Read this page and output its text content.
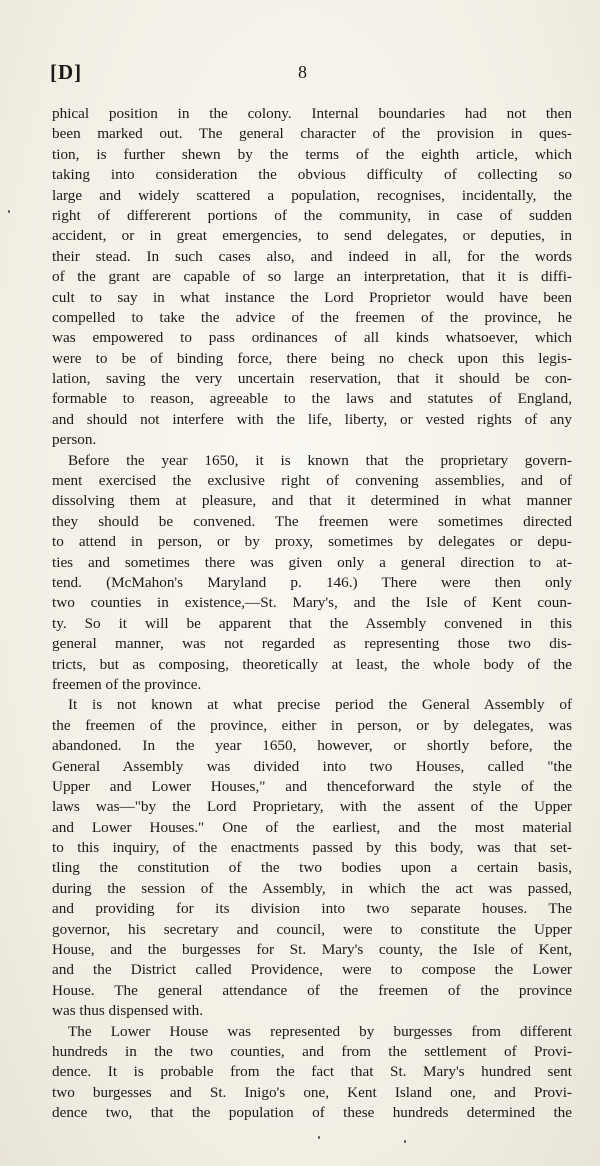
[D]	8
phical position in the colony. Internal boundaries had not then
been marked out. The general character of the provision in ques-
tion, is further shewn by the terms of the eighth article, which
taking into consideration the obvious difficulty of collecting so
large and widely scattered a population, recognises, incidentally, the
right of differerent portions of the community, in case of sudden
accident, or in great emergencies, to send delegates, or deputies, in
their stead. In such cases also, and indeed in all, for the words
of the grant are capable of so large an interpretation, that it is diffi-
cult to say in what instance the Lord Proprietor would have been
compelled to take the advice of the freemen of the province, he
was empowered to pass ordinances of all kinds whatsoever, which
were to be of binding force, there being no check upon this legis-
lation, saving the very uncertain reservation, that it should be con-
formable to reason, agreeable to the laws and statutes of England,
and should not interfere with the life, liberty, or vested rights of any
person.
Before the year 1650, it is known that the proprietary govern-
ment exercised the exclusive right of convening assemblies, and of
dissolving them at pleasure, and that it determined in what manner
they should be convened. The freemen were sometimes directed
to attend in person, or by proxy, sometimes by delegates or depu-
ties and sometimes there was given only a general direction to at-
tend. (McMahon's Maryland p. 146.) There were then only
two counties in existence,—St. Mary's, and the Isle of Kent coun-
ty. So it will be apparent that the Assembly convened in this
general manner, was not regarded as representing those two dis-
tricts, but as composing, theoretically at least, the whole body of the
freemen of the province.
It is not known at what precise period the General Assembly of
the freemen of the province, either in person, or by delegates, was
abandoned. In the year 1650, however, or shortly before, the
General Assembly was divided into two Houses, called "the
Upper and Lower Houses," and thenceforward the style of the
laws was—"by the Lord Proprietary, with the assent of the Upper
and Lower Houses." One of the earliest, and the most material
to this inquiry, of the enactments passed by this body, was that set-
tling the constitution of the two bodies upon a certain basis,
during the session of the Assembly, in which the act was passed,
and providing for its division into two separate houses. The
governor, his secretary and council, were to constitute the Upper
House, and the burgesses for St. Mary's county, the Isle of Kent,
and the District called Providence, were to compose the Lower
House. The general attendance of the freemen of the province
was thus dispensed with.
The Lower House was represented by burgesses from different
hundreds in the two counties, and from the settlement of Provi-
dence. It is probable from the fact that St. Mary's hundred sent
two burgesses and St. Inigo's one, Kent Island one, and Provi-
dence two, that the population of these hundreds determined the
